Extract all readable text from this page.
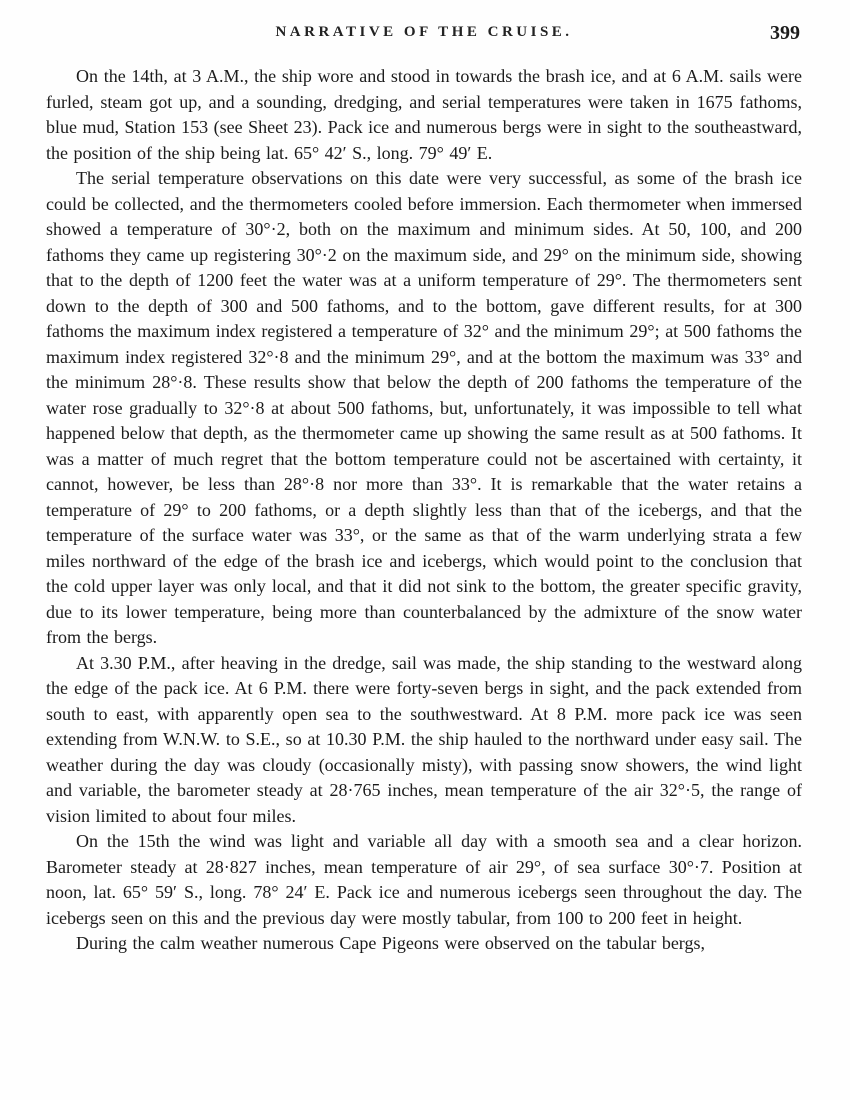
NARRATIVE OF THE CRUISE.	399

On the 14th, at 3 A.M., the ship wore and stood in towards the brash ice, and at 6 A.M. sails were furled, steam got up, and a sounding, dredging, and serial temperatures were taken in 1675 fathoms, blue mud, Station 153 (see Sheet 23). Pack ice and numerous bergs were in sight to the southeastward, the position of the ship being lat. 65° 42′ S., long. 79° 49′ E.

The serial temperature observations on this date were very successful, as some of the brash ice could be collected, and the thermometers cooled before immersion. Each thermometer when immersed showed a temperature of 30°·2, both on the maximum and minimum sides. At 50, 100, and 200 fathoms they came up registering 30°·2 on the maximum side, and 29° on the minimum side, showing that to the depth of 1200 feet the water was at a uniform temperature of 29°. The thermometers sent down to the depth of 300 and 500 fathoms, and to the bottom, gave different results, for at 300 fathoms the maximum index registered a temperature of 32° and the minimum 29°; at 500 fathoms the maximum index registered 32°·8 and the minimum 29°, and at the bottom the maximum was 33° and the minimum 28°·8. These results show that below the depth of 200 fathoms the temperature of the water rose gradually to 32°·8 at about 500 fathoms, but, unfortunately, it was impossible to tell what happened below that depth, as the thermometer came up showing the same result as at 500 fathoms. It was a matter of much regret that the bottom temperature could not be ascertained with certainty, it cannot, however, be less than 28°·8 nor more than 33°. It is remarkable that the water retains a temperature of 29° to 200 fathoms, or a depth slightly less than that of the icebergs, and that the temperature of the surface water was 33°, or the same as that of the warm underlying strata a few miles northward of the edge of the brash ice and icebergs, which would point to the conclusion that the cold upper layer was only local, and that it did not sink to the bottom, the greater specific gravity, due to its lower temperature, being more than counterbalanced by the admixture of the snow water from the bergs.

At 3.30 P.M., after heaving in the dredge, sail was made, the ship standing to the westward along the edge of the pack ice. At 6 P.M. there were forty-seven bergs in sight, and the pack extended from south to east, with apparently open sea to the southwestward. At 8 P.M. more pack ice was seen extending from W.N.W. to S.E., so at 10.30 P.M. the ship hauled to the northward under easy sail. The weather during the day was cloudy (occasionally misty), with passing snow showers, the wind light and variable, the barometer steady at 28·765 inches, mean temperature of the air 32°·5, the range of vision limited to about four miles.

On the 15th the wind was light and variable all day with a smooth sea and a clear horizon. Barometer steady at 28·827 inches, mean temperature of air 29°, of sea surface 30°·7. Position at noon, lat. 65° 59′ S., long. 78° 24′ E. Pack ice and numerous icebergs seen throughout the day. The icebergs seen on this and the previous day were mostly tabular, from 100 to 200 feet in height.

During the calm weather numerous Cape Pigeons were observed on the tabular bergs,
